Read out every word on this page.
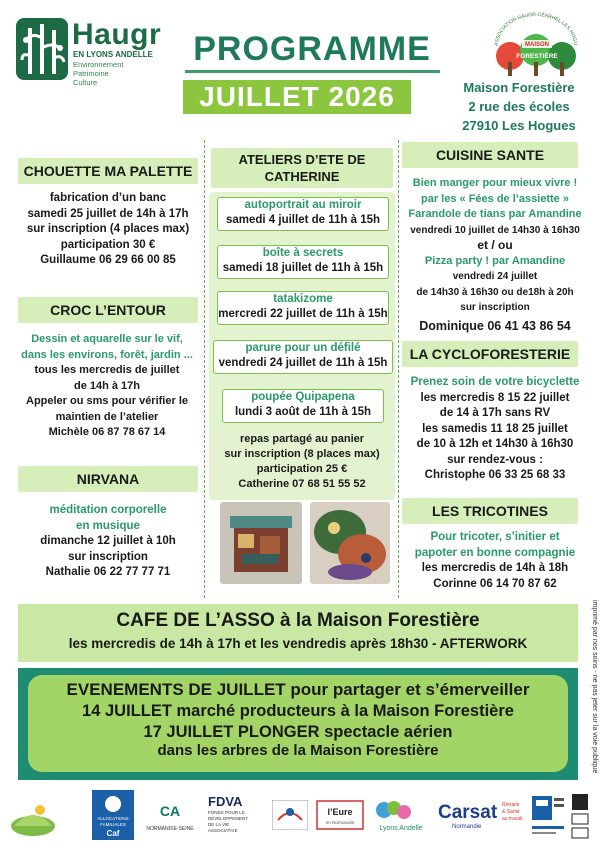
Haugr
EN LYONS ANDELLE
Environnement
Patrimoine
Culture
PROGRAMME
JUILLET 2026
ASSOCIATION HAUGR·CÉARHEL·LES HOGU
MAISON
FORESTIÈRE
Maison Forestière
2 rue des écoles
27910 Les Hogues
CHOUETTE MA PALETTE
fabrication d’un banc
samedi 25 juillet de 14h à 17h
sur inscription (4 places max)
participation 30 €
Guillaume 06 29 66 00 85
CROC L’ENTOUR
Dessin et aquarelle sur le vif,
dans les environs, forêt, jardin ...
tous les mercredis de juillet
de 14h à 17h
Appeler ou sms pour vérifier le
maintien de l’atelier
Michèle 06 87 78 67 14
NIRVANA
méditation corporelle
en musique
dimanche 12 juillet à 10h
sur inscription
Nathalie 06 22 77 77 71
ATELIERS D’ETE DE
CATHERINE
autoportrait au miroir
samedi 4 juillet de 11h à 15h
boîte à secrets
samedi 18 juillet de 11h à 15h
tatakizome
mercredi 22 juillet de 11h à 15h
parure pour un défilé
vendredi 24 juillet de 11h à 15h
poupée Quipapena
lundi 3 août de 11h à 15h
repas partagé au panier
sur inscription (8 places max)
participation 25 €
Catherine 07 68 51 55 52
CUISINE SANTE
Bien manger pour mieux vivre !
par les « Fées de l’assiette »
Farandole de tians par Amandine
vendredi 10 juillet de 14h30 à 16h30
et / ou
Pizza party ! par Amandine
vendredi 24 juillet
de 14h30 à 16h30 ou de18h à 20h
sur inscription
Dominique 06 41 43 86 54
LA CYCLOFORESTERIE
Prenez soin de votre bicyclette
les mercredis 8 15 22 juillet
de 14 à 17h sans RV
les samedis 11 18 25 juillet
de 10 à 12h et 14h30 à 16h30
sur rendez-vous :
Christophe 06 33 25 68 33
LES TRICOTINES
Pour tricoter, s’initier et
papoter en bonne compagnie
les mercredis de 14h à 18h
Corinne 06 14 70 87 62
CAFE DE L’ASSO à la Maison Forestière
les mercredis de 14h à 17h et les vendredis après 18h30 - AFTERWORK
EVENEMENTS DE JUILLET pour partager et s’émerveiller
14 JUILLET marché producteurs à la Maison Forestière
17 JUILLET PLONGER spectacle aérien
dans les arbres de la Maison Forestière	imprimé par nos soins - ne pas jeter sur la voie publique
ALLOCATIONS
FAMILIALES
Caf
CA
NORMANDIE-SEINE
FDVA
FONDS POUR LE
DÉVELOPPEMENT
DE LA VIE
ASSOCIATIVE
l’Eure
en Normandie
Lyons Andelle
Carsat
Normandie
Retraite
& Santé
au travail
